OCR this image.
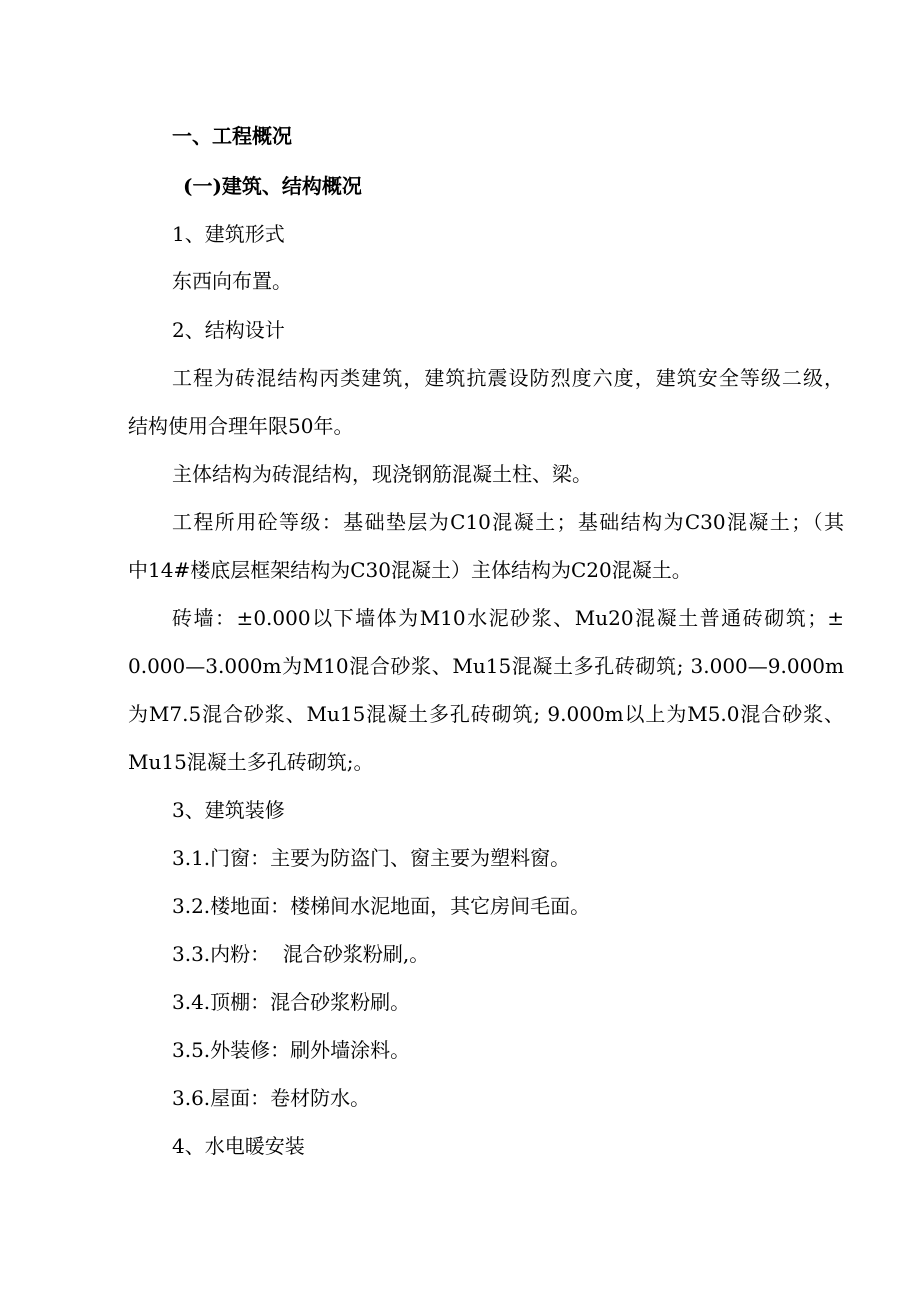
一、工程概况
(一)建筑、结构概况
1、建筑形式
东西向布置。
2、结构设计
工程为砖混结构丙类建筑，建筑抗震设防烈度六度，建筑安全等级二级，
结构使用合理年限50年。
主体结构为砖混结构，现浇钢筋混凝土柱、梁。
工程所用砼等级：基础垫层为C10混凝土；基础结构为C30混凝土；（其
中14#楼底层框架结构为C30混凝土）主体结构为C20混凝土。
砖墙：±0.000以下墙体为M10水泥砂浆、Mu20混凝土普通砖砌筑；±
0.000—3.000m为M10混合砂浆、Mu15混凝土多孔砖砌筑; 3.000—9.000m
为M7.5混合砂浆、Mu15混凝土多孔砖砌筑; 9.000m以上为M5.0混合砂浆、
Mu15混凝土多孔砖砌筑;。
3、建筑装修
3.1.门窗：主要为防盗门、窗主要为塑料窗。
3.2.楼地面：楼梯间水泥地面，其它房间毛面。
3.3.内粉：  混合砂浆粉刷,。
3.4.顶棚：混合砂浆粉刷。
3.5.外装修：刷外墙涂料。
3.6.屋面：卷材防水。
4、水电暖安装
